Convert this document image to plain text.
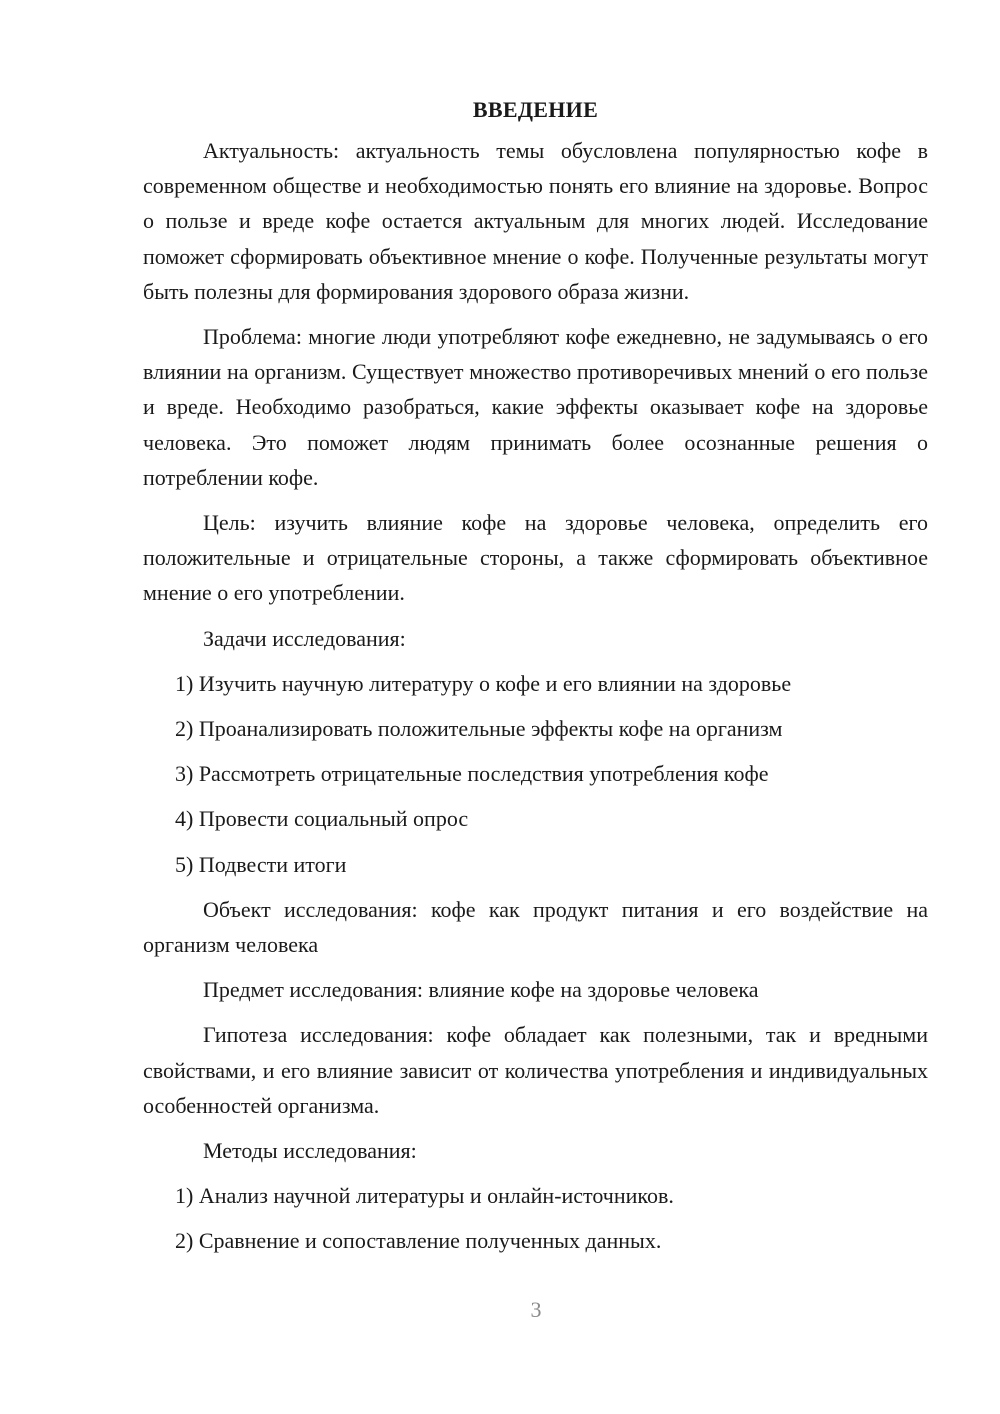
ВВЕДЕНИЕ

Актуальность: актуальность темы обусловлена популярностью кофе в современном обществе и необходимостью понять его влияние на здоровье. Вопрос о пользе и вреде кофе остается актуальным для многих людей. Исследование поможет сформировать объективное мнение о кофе. Полученные результаты могут быть полезны для формирования здорового образа жизни.

Проблема: многие люди употребляют кофе ежедневно, не задумываясь о его влиянии на организм. Существует множество противоречивых мнений о его пользе и вреде. Необходимо разобраться, какие эффекты оказывает кофе на здоровье человека. Это поможет людям принимать более осознанные решения о потреблении кофе.

Цель: изучить влияние кофе на здоровье человека, определить его положительные и отрицательные стороны, а также сформировать объективное мнение о его употреблении.

Задачи исследования:

1) Изучить научную литературу о кофе и его влиянии на здоровье
2) Проанализировать положительные эффекты кофе на организм
3) Рассмотреть отрицательные последствия употребления кофе
4) Провести социальный опрос
5) Подвести итоги

Объект исследования: кофе как продукт питания и его воздействие на организм человека

Предмет исследования: влияние кофе на здоровье человека

Гипотеза исследования: кофе обладает как полезными, так и вредными свойствами, и его влияние зависит от количества употребления и индивидуальных особенностей организма.

Методы исследования:

1) Анализ научной литературы и онлайн-источников.
2) Сравнение и сопоставление полученных данных.
3
